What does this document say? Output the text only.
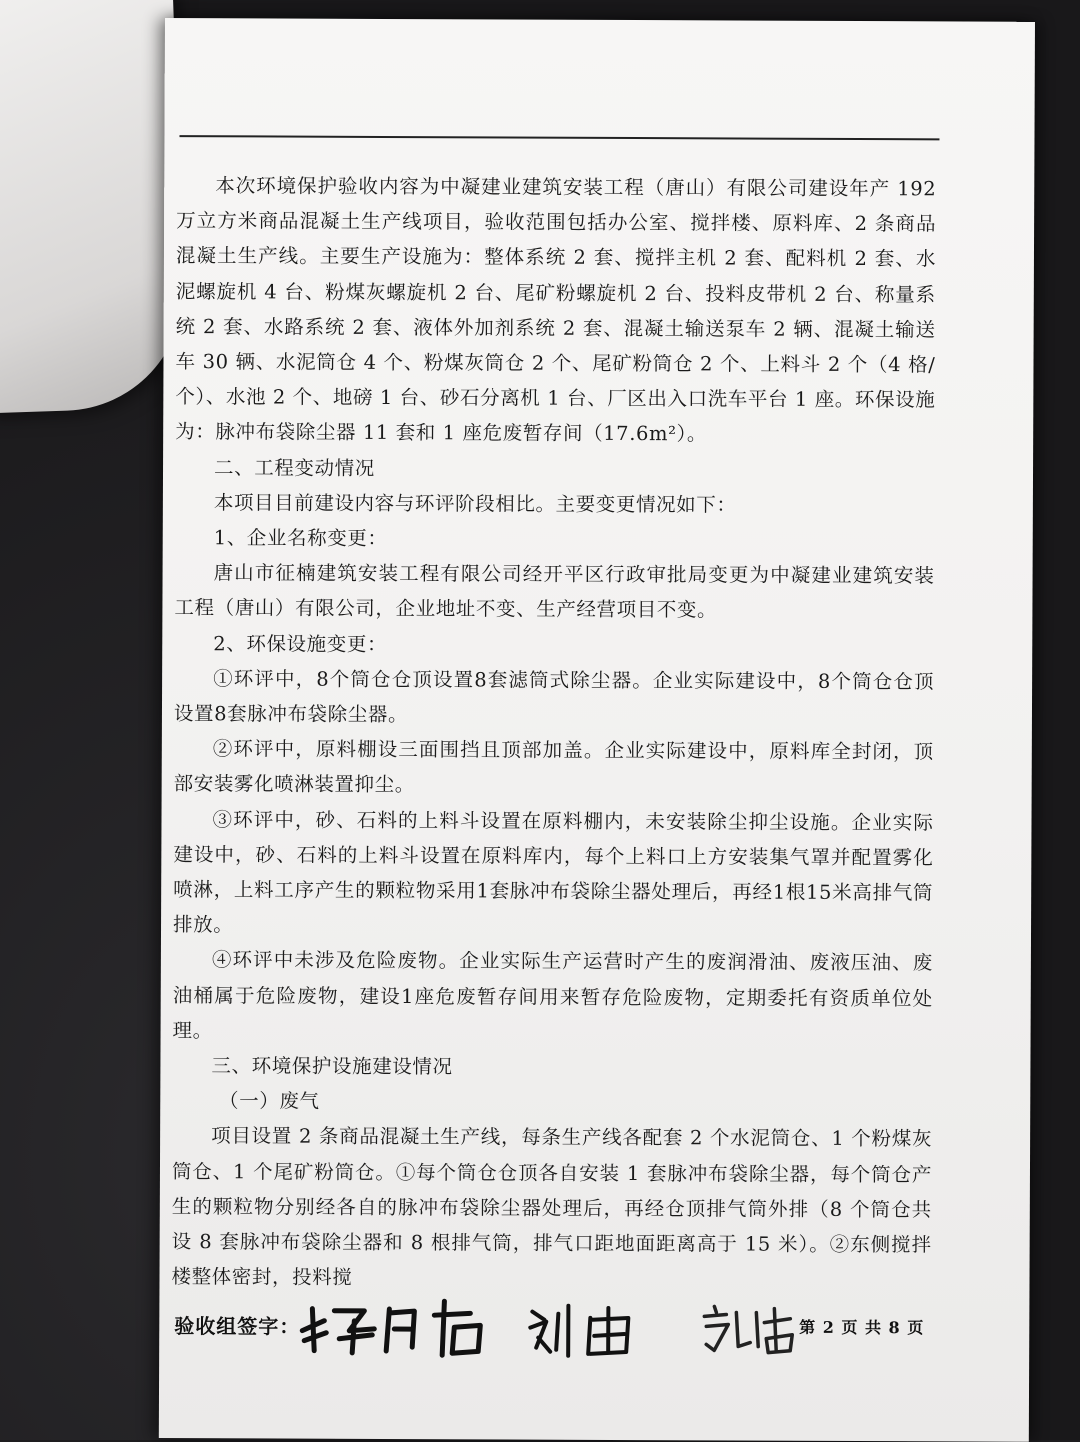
本次环境保护验收内容为中凝建业建筑安装工程（唐山）有限公司建设年产 192 万立方米商品混凝土生产线项目，验收范围包括办公室、搅拌楼、原料库、2 条商品混凝土生产线。主要生产设施为：整体系统 2 套、搅拌主机 2 套、配料机 2 套、水泥螺旋机 4 台、粉煤灰螺旋机 2 台、尾矿粉螺旋机 2 台、投料皮带机 2 台、称量系统 2 套、水路系统 2 套、液体外加剂系统 2 套、混凝土输送泵车 2 辆、混凝土输送车 30 辆、水泥筒仓 4 个、粉煤灰筒仓 2 个、尾矿粉筒仓 2 个、上料斗 2 个（4 格/个）、水池 2 个、地磅 1 台、砂石分离机 1 台、厂区出入口洗车平台 1 座。环保设施为：脉冲布袋除尘器 11 套和 1 座危废暂存间（17.6m²）。

二、工程变动情况

本项目目前建设内容与环评阶段相比。主要变更情况如下：

1、企业名称变更：

唐山市征楠建筑安装工程有限公司经开平区行政审批局变更为中凝建业建筑安装工程（唐山）有限公司，企业地址不变、生产经营项目不变。

2、环保设施变更：

①环评中，8个筒仓仓顶设置8套滤筒式除尘器。企业实际建设中，8个筒仓仓顶设置8套脉冲布袋除尘器。

②环评中，原料棚设三面围挡且顶部加盖。企业实际建设中，原料库全封闭，顶部安装雾化喷淋装置抑尘。

③环评中，砂、石料的上料斗设置在原料棚内，未安装除尘抑尘设施。企业实际建设中，砂、石料的上料斗设置在原料库内，每个上料口上方安装集气罩并配置雾化喷淋，上料工序产生的颗粒物采用1套脉冲布袋除尘器处理后，再经1根15米高排气筒排放。

④环评中未涉及危险废物。企业实际生产运营时产生的废润滑油、废液压油、废油桶属于危险废物，建设1座危废暂存间用来暂存危险废物，定期委托有资质单位处理。

三、环境保护设施建设情况

（一）废气

项目设置 2 条商品混凝土生产线，每条生产线各配套 2 个水泥筒仓、1 个粉煤灰筒仓、1 个尾矿粉筒仓。①每个筒仓仓顶各自安装 1 套脉冲布袋除尘器，每个筒仓产生的颗粒物分别经各自的脉冲布袋除尘器处理后，再经仓顶排气筒外排（8 个筒仓共设 8 套脉冲布袋除尘器和 8 根排气筒，排气口距地面距离高于 15 米）。②东侧搅拌楼整体密封，投料搅

验收组签字：	第 2 页 共 8 页
